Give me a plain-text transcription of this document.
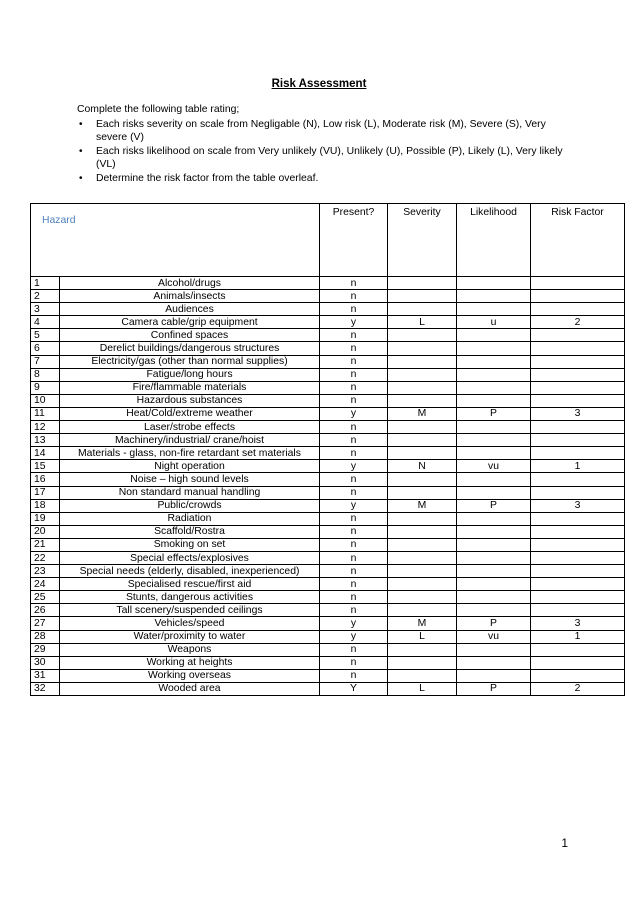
Risk Assessment
Complete the following table rating;
• Each risks severity on scale from Negligable (N), Low risk (L), Moderate risk (M), Severe (S), Very severe (V)
• Each risks likelihood on scale from Very unlikely (VU), Unlikely (U), Possible (P), Likely (L), Very likely (VL)
• Determine the risk factor from the table overleaf.
Hazard		Present?	Severity	Likelihood	Risk Factor
1	Alcohol/drugs	n			
2	Animals/insects	n			
3	Audiences	n			
4	Camera cable/grip equipment	y	L	u	2
5	Confined spaces	n			
6	Derelict buildings/dangerous structures	n			
7	Electricity/gas (other than normal supplies)	n			
8	Fatigue/long hours	n			
9	Fire/flammable materials	n			
10	Hazardous substances	n			
11	Heat/Cold/extreme weather	y	M	P	3
12	Laser/strobe effects	n			
13	Machinery/industrial/ crane/hoist	n			
14	Materials - glass, non-fire retardant set materials	n			
15	Night operation	y	N	vu	1
16	Noise – high sound levels	n			
17	Non standard manual handling	n			
18	Public/crowds	y	M	P	3
19	Radiation	n			
20	Scaffold/Rostra	n			
21	Smoking on set	n			
22	Special effects/explosives	n			
23	Special needs (elderly, disabled, inexperienced)	n			
24	Specialised rescue/first aid	n			
25	Stunts, dangerous activities	n			
26	Tall scenery/suspended ceilings	n			
27	Vehicles/speed	y	M	P	3
28	Water/proximity to water	y	L	vu	1
29	Weapons	n			
30	Working at heights	n			
31	Working overseas	n			
32	Wooded area	Y	L	P	2
1
